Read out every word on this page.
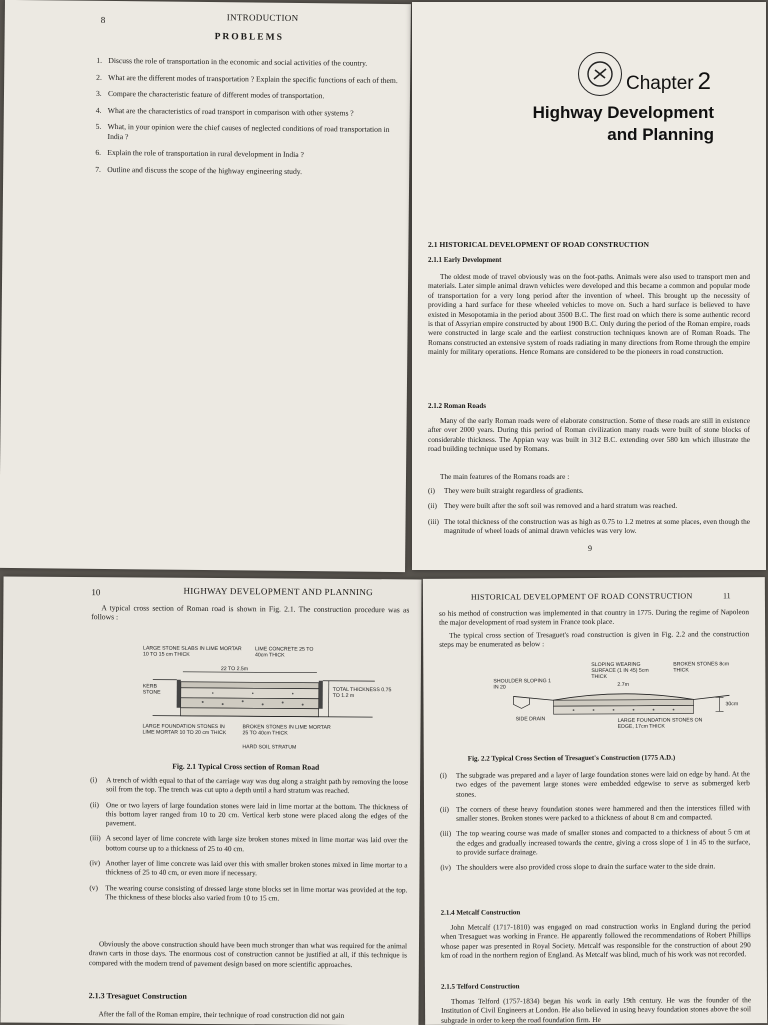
8	INTRODUCTION
PROBLEMS
1. Discuss the role of transportation in the economic and social activities of the country.
2. What are the different modes of transportation ? Explain the specific functions of each of them.
3. Compare the characteristic feature of different modes of transportation.
4. What are the characteristics of road transport in comparison with other systems ?
5. What, in your opinion were the chief causes of neglected conditions of road transportation in India ?
6. Explain the role of transportation in rural development in India ?
7. Outline and discuss the scope of the highway engineering study.
Chapter 2
Highway Development
and Planning
2.1 HISTORICAL DEVELOPMENT OF ROAD CONSTRUCTION
2.1.1 Early Development
The oldest mode of travel obviously was on the foot-paths. Animals were also used to transport men and materials. Later simple animal drawn vehicles were developed and this became a common and popular mode of transportation for a very long period after the invention of wheel. This brought up the necessity of providing a hard surface for these wheeled vehicles to move on. Such a hard surface is believed to have existed in Mesopotamia in the period about 3500 B.C. The first road on which there is some authentic record is that of Assyrian empire constructed by about 1900 B.C. Only during the period of the Roman empire, roads were constructed in large scale and the earliest construction techniques known are of Roman Roads. The Romans constructed an extensive system of roads radiating in many directions from Rome through the empire mainly for military operations. Hence Romans are considered to be the pioneers in road construction.
2.1.2 Roman Roads
Many of the early Roman roads were of elaborate construction. Some of these roads are still in existence after over 2000 years. During this period of Roman civilization many roads were built of stone blocks of considerable thickness. The Appian way was built in 312 B.C. extending over 580 km which illustrate the road building technique used by Romans.
The main features of the Romans roads are :
(i)	They were built straight regardless of gradients.
(ii) They were built after the soft soil was removed and a hard stratum was reached.
(iii) The total thickness of the construction was as high as 0.75 to 1.2 metres at some places, even though the magnitude of wheel loads of animal drawn vehicles was very low.
9
10	HIGHWAY DEVELOPMENT AND PLANNING
A typical cross section of Roman road is shown in Fig. 2.1. The construction procedure was as follows :
LARGE STONE SLABS IN LIME MORTAR 10 TO 15 cm THICK
LIME CONCRETE 25 TO 40cm THICK
22 TO 2.5m
KERB STONE	TOTAL THICKNESS 0.75 TO 1.2 m
LARGE FOUNDATION STONES IN LIME MORTAR 10 TO 20 cm THICK
BROKEN STONES IN LIME MORTAR 25 TO 40cm THICK
HARD SOIL STRATUM
Fig. 2.1 Typical Cross section of Roman Road
(i)	A trench of width equal to that of the carriage way was dug along a straight path by removing the loose soil from the top. The trench was cut upto a depth until a hard stratum was reached.
(ii) One or two layers of large foundation stones were laid in lime mortar at the bottom. The thickness of this bottom layer ranged from 10 to 20 cm. Vertical kerb stone were placed along the edges of the pavement.
(iii) A second layer of lime concrete with large size broken stones mixed in lime mortar was laid over the bottom course up to a thickness of 25 to 40 cm.
(iv) Another layer of lime concrete was laid over this with smaller broken stones mixed in lime mortar to a thickness of 25 to 40 cm, or even more if necessary.
(v)	The wearing course consisting of dressed large stone blocks set in lime mortar was provided at the top. The thickness of these blocks also varied from 10 to 15 cm.
Obviously the above construction should have been much stronger than what was required for the animal drawn carts in those days. The enormous cost of construction cannot be justified at all, if this technique is compared with the modern trend of pavement design based on more scientific approaches.
2.1.3 Tresaguet Construction
After the fall of the Roman empire, their technique of road construction did not gain
HISTORICAL DEVELOPMENT OF ROAD CONSTRUCTION	11
so his method of construction was implemented in that country in 1775. During the regime of Napoleon the major development of road system in France took place.
The typical cross section of Tresaguet's road construction is given in Fig. 2.2 and the construction steps may be enumerated as below :
SLOPING WEARING SURFACE (1 IN 45) 5cm THICK
BROKEN STONES 8cm THICK
SHOULDER SLOPING 1 IN 20	2.7m
30cm
SIDE DRAIN	LARGE FOUNDATION STONES ON EDGE, 17cm THICK
Fig. 2.2 Typical Cross Section of Tresaguet's Construction (1775 A.D.)
(i)	The subgrade was prepared and a layer of large foundation stones were laid on edge by hand. At the two edges of the pavement large stones were embedded edgewise to serve as submerged kerb stones.
(ii) The corners of these heavy foundation stones were hammered and then the interstices filled with smaller stones. Broken stones were packed to a thickness of about 8 cm and compacted.
(iii) The top wearing course was made of smaller stones and compacted to a thickness of about 5 cm at the edges and gradually increased towards the centre, giving a cross slope of 1 in 45 to the surface, to provide surface drainage.
(iv) The shoulders were also provided cross slope to drain the surface water to the side drain.
2.1.4 Metcalf Construction
John Metcalf (1717-1810) was engaged on road construction works in England during the period when Tresaguet was working in France. He apparently followed the recommendations of Robert Phillips whose paper was presented in Royal Society. Metcalf was responsible for the construction of about 290 km of road in the northern region of England. As Metcalf was blind, much of his work was not recorded.
2.1.5 Telford Construction
Thomas Telford (1757-1834) began his work in early 19th century. He was the founder of the Institution of Civil Engineers at London. He also believed in using heavy foundation stones above the soil subgrade in order to keep the road foundation firm. He
